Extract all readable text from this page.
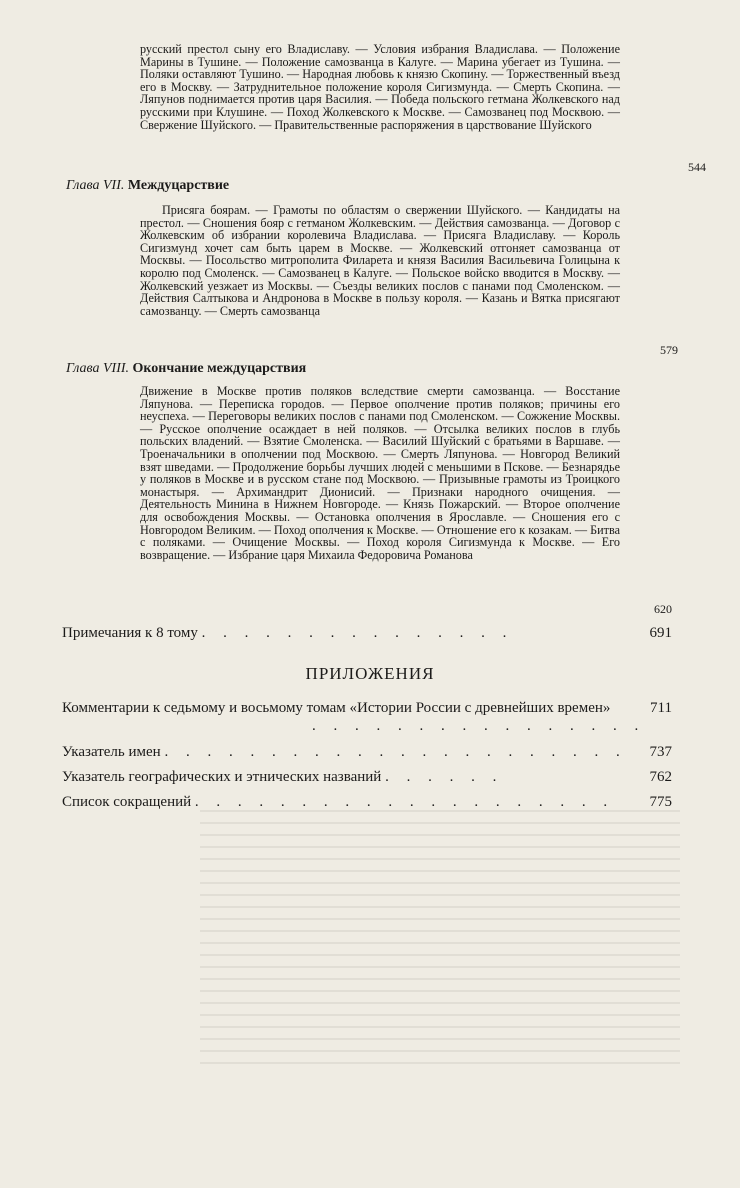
русский престол сыну его Владиславу. — Условия избрания Владислава. — Положение Марины в Тушине. — Положение самозванца в Калуге. — Марина убегает из Тушина. — Поляки оставляют Тушино. — Народная любовь к князю Скопину. — Торжественный въезд его в Москву. — Затруднительное положение короля Сигизмунда. — Смерть Скопина. — Ляпунов поднимается против царя Василия. — Победа польского гетмана Жолкевского над русскими при Клушине. — Поход Жолкевского к Москве. — Самозванец под Москвою. — Свержение Шуйского. — Правительственные распоряжения в царствование Шуйского
544
Глава VII. Междуцарствие
Присяга боярам. — Грамоты по областям о свержении Шуйского. — Кандидаты на престол. — Сношения бояр с гетманом Жолкевским. — Действия самозванца. — Договор с Жолкевским об избрании королевича Владислава. — Присяга Владиславу. — Король Сигизмунд хочет сам быть царем в Москве. — Жолкевский отгоняет самозванца от Москвы. — Посольство митрополита Филарета и князя Василия Васильевича Голицына к королю под Смоленск. — Самозванец в Калуге. — Польское войско вводится в Москву. — Жолкевский уезжает из Москвы. — Съезды великих послов с панами под Смоленском. — Действия Салтыкова и Андронова в Москве в пользу короля. — Казань и Вятка присягают самозванцу. — Смерть самозванца
579
Глава VIII. Окончание междуцарствия
Движение в Москве против поляков вследствие смерти самозванца. — Восстание Ляпунова. — Переписка городов. — Первое ополчение против поляков; причины его неуспеха. — Переговоры великих послов с панами под Смоленском. — Сожжение Москвы. — Русское ополчение осаждает в ней поляков. — Отсылка великих послов в глубь польских владений. — Взятие Смоленска. — Василий Шуйский с братьями в Варшаве. — Троеначальники в ополчении под Москвою. — Смерть Ляпунова. — Новгород Великий взят шведами. — Продолжение борьбы лучших людей с меньшими в Пскове. — Безнарядье у поляков в Москве и в русском стане под Москвою. — Призывные грамоты из Троицкого монастыря. — Архимандрит Дионисий. — Признаки народного очищения. — Деятельность Минина в Нижнем Новгороде. — Князь Пожарский. — Второе ополчение для освобождения Москвы. — Остановка ополчения в Ярославле. — Сношения его с Новгородом Великим. — Поход ополчения к Москве. — Отношение его к козакам. — Битва с поляками. — Очищение Москвы. — Поход короля Сигизмунда к Москве. — Его возвращение. — Избрание царя Михаила Федоровича Романова
620
Примечания к 8 тому . . . . . . . . . . . . . . .	691
ПРИЛОЖЕНИЯ
Комментарии к седьмому и восьмому томам «Истории России с древнейших времен»
. . . . . . . . . . . . . . . .
711
Указатель имен . . . . . . . . . . . . . . . . . . . . . . 737
Указатель географических и этнических названий . . . . . .	762
Список сокращений . . . . . . . . . . . . . . . . . . . . 775
